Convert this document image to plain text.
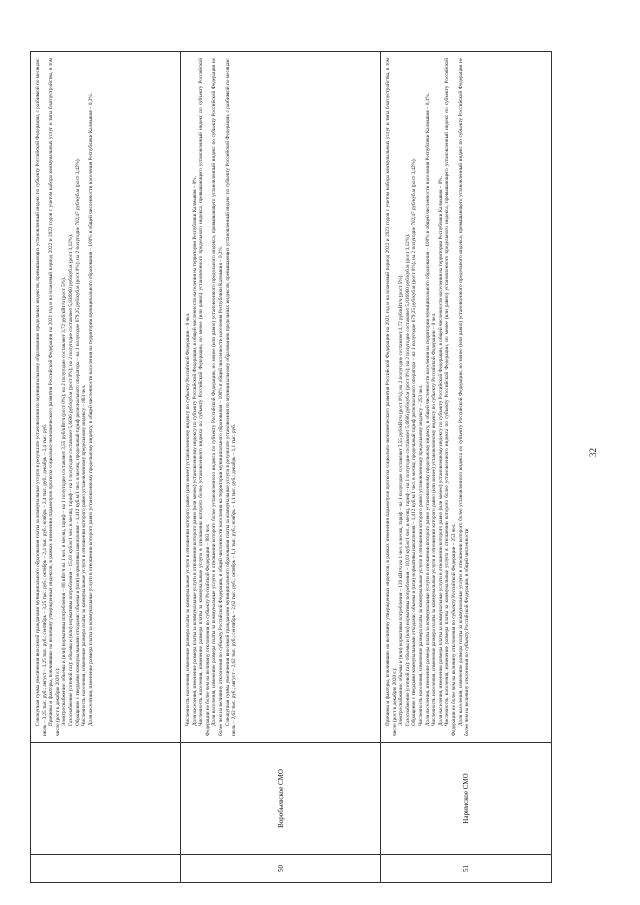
Совокупная сумма увеличения вносимой гражданами муниципального образования платы за коммунальные услуги в результате установления по муниципальному образованию предельных индексов, превышающих установленный индекс по субъекту Российской Федерации, с разбивкой по месяцам: июль – 3,25 тыс. руб.; август – 3,25 тыс. руб.; сентябрь – 3,25 тыс. руб.; октябрь – 2,4 тыс. руб.; ноябрь – 2,4 тыс. руб.; декабрь – 2,4 тыс. руб. Причины и факторы, повлиявшие на величину утвержденных индексов, в рамках изменения параметров прогноза социально-экономического развития Российской Федерации на 2021 год и на плановый период 2022 и 2023 годов с учетом набора коммунальных услуг и типа благоустройства, в том числе (рост к декабрю 2020 г.): Электроснабжение: объемы и (или) нормативы потребления – 80 кВт/ч на 1 чел. в месяц, тариф – на 1 полугодие составляет 3,55 руб/кВт/ч (рост 0%); на 2 полугодие составляет 3,72 руб/кВт/ч (рост 5%). Газоснабжение (сетевой газ): объемы и (или) нормативы потребления – 15,01 куб.м/1 чел. в месяц, тариф – на 1 полугодие составляет 5,6606 руб/куб.м (рост 0%); на 2 полугодие составляет 5,836960 руб/куб.м (рост 3,12%). Обращение с твердыми коммунальными отходами: объемы и (или) нормативы накопления – 1,412 куб.м/1 чел. в месяц; предельный тариф регионального оператора – на 1 полугодие 679,25 руб/куб.м (рост 0%); на 2 полугодие 702,47 руб/куб.м (рост 3,42%). Численность населения, изменение размера платы за коммунальные услуги в отношении которого равно установленному предельному индексу – 883 чел. Доля населения, изменение размера платы за коммунальные услуги в отношении которого равно установленному предельному индексу, в общей численности населения на территории муниципального образования – 100% в общей численности населения Республики Калмыкия – 0,3%.

50
Воробьевское СМО

Численность населения, изменение размера платы за коммунальные услуги в отношении которого равно (или менее) установленному индексу по субъекту Российской Федерации – 0 чел. Доля населения, изменение размера платы за коммунальные услуги в отношении которого равно (или менее) установленному индексу по субъекту Российской Федерации, в общей численности населения на территории Республики Калмыкия – 0%. Численность населения, изменение размера платы за коммунальные услуги в отношении которого более установленного индекса по субъекту Российской Федерации, но менее (или равно) установленного предельного индекса, превышающего установленный индекс по субъекту Российской Федерации не более чем на величину отклонения по субъекту Российской Федерации – 883 чел. Доля населения, изменение размера платы за коммунальные услуги в отношении которого более установленного индекса по субъекту Российской Федерации, но менее (или равно) установленного предельного индекса, превышающего установленный индекс по субъекту Российской Федерации не более чем на величину отклонения по субъекту Российской Федерации, в общей численности населения на территории муниципального образования – 100% в общей численности населения Республики Калмыкия – 0,3%. Совокупная сумма увеличения вносимой гражданами муниципального образования платы за коммунальные услуги в результате установления по муниципальному образованию предельных индексов, превышающих установленный индекс по субъекту Российской Федерации, с разбивкой по месяцам: июль – 2,62 тыс. руб.; август – 2,62 тыс. руб.; сентябрь – 2,62 тыс. руб.; октябрь – 1,1 тыс. руб.; ноябрь – 1,1 тыс. руб.; декабрь – 1,1 тыс. руб.

51
Наримское СМО

Причины и факторы, повлиявшие на величину утвержденных индексов, в рамках изменения параметров прогноза социально-экономического развития Российской Федерации на 2021 год и на плановый период 2022 и 2023 годов с учетом набора коммунальных услуг и типа благоустройства, в том числе (рост к декабрю 2020 г.): Электроснабжение: объемы и (или) нормативы потребления – 120 кВт/ч на 1 чел. в месяц, тариф – на 1 полугодие составляет 3,55 руб/кВт/ч (рост 0%); на 2 полугодие составляет 3,72 руб/кВт/ч (рост 5%). Газоснабжение (сетевой газ): объемы и (или) нормативы потребления – 10,03 куб.м/1 чел. в месяц, тариф – на 1 полугодие составляет 5,6606 руб/куб.м (рост 0%); на 2 полугодие составляет 5,836960 руб/куб.м (рост 3,12%). Обращение с твердыми коммунальными отходами: объемы и (или) нормативы накопления – 1,412 куб.м/1 чел. в месяц; предельный тариф регионального оператора – на 1 полугодие 679,25 руб/куб.м (рост 0%); на 2 полугодие 702,47 руб/куб.м (рост 3,42%). Численность населения, изменение размера платы за коммунальные услуги в отношении которого равно установленному предельному индексу – 253 чел. Доля населения, изменение размера платы за коммунальные услуги в отношении которого равно установленному предельному индексу, в общей численности населения на территории муниципального образования – 100% в общей численности населения Республики Калмыкия – 0,1%. Численность населения, изменение размера платы за коммунальные услуги в отношении которого равно (или менее) установленному индексу по субъекту Российской Федерации – 0 чел. Доля населения, изменение размера платы за коммунальные услуги в отношении которого равно (или менее) установленному индексу по субъекту Российской Федерации, в общей численности населения на территории Республики Калмыкия – 0%. Численность населения, изменение размера платы за коммунальные услуги в отношении которого более установленного индекса по субъекту Российской Федерации, но менее (или равно) установленного предельного индекса, превышающего установленный индекс по субъекту Российской Федерации не более чем на величину отклонения по субъекту Российской Федерации – 253 чел. Доля населения, изменение размера платы за коммунальные услуги в отношении которого более установленного индекса по субъекту Российской Федерации, но менее (или равно) установленного предельного индекса, превышающего установленный индекс по субъекту Российской Федерации не более чем на величину отклонения по субъекту Российской Федерации, в общей численности

32
